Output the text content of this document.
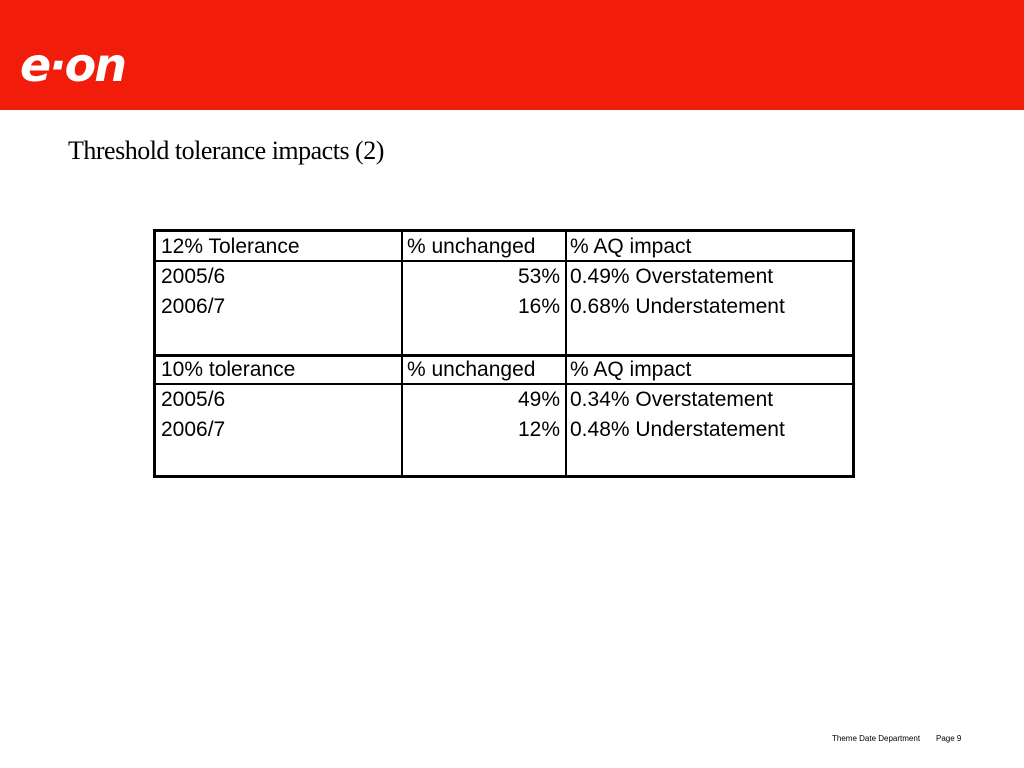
e·on
Threshold tolerance impacts (2)
12% Tolerance	% unchanged	% AQ impact
2005/6	53% 0.49% Overstatement
2006/7	16% 0.68% Understatement
10% tolerance	% unchanged	% AQ impact
2005/6	49% 0.34% Overstatement
2006/7	12% 0.48% Understatement
Theme Date Department Page 9
